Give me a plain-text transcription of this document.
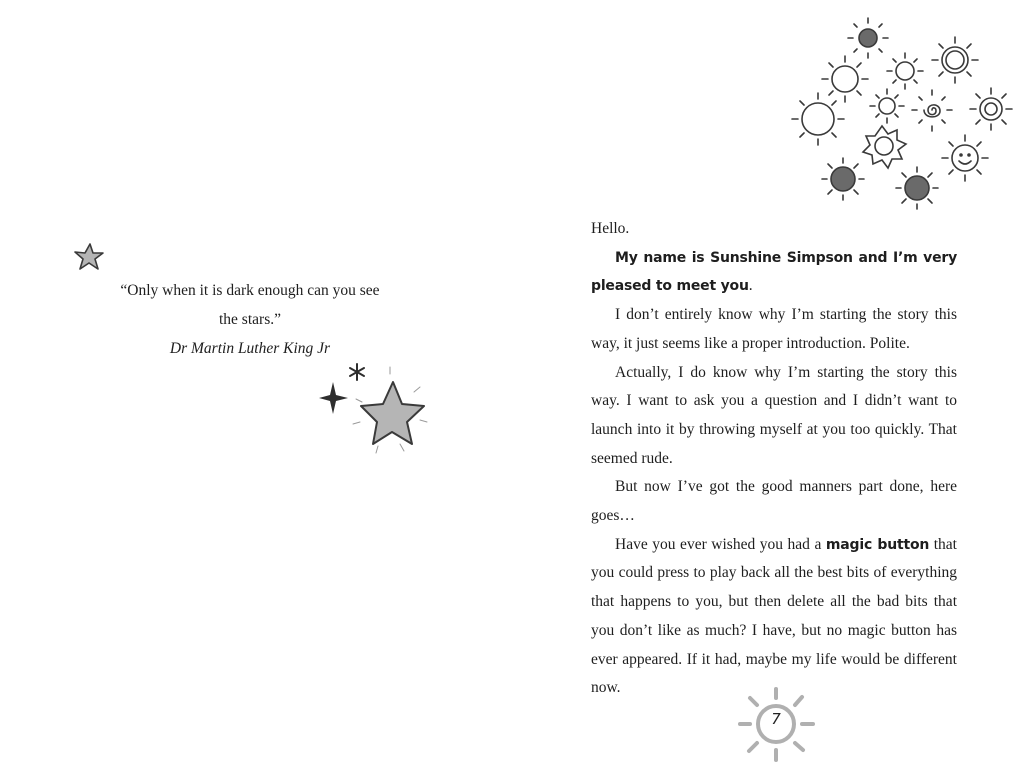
“Only when it is dark enough can you see
the stars.”
Dr Martin Luther King Jr

Hello.

My name is Sunshine Simpson and I’m very pleased to meet you.

I don’t entirely know why I’m starting the story this way, it just seems like a proper introduction. Polite.

Actually, I do know why I’m starting the story this way. I want to ask you a question and I didn’t want to launch into it by throwing myself at you too quickly. That seemed rude.

But now I’ve got the good manners part done, here goes…

Have you ever wished you had a magic button that you could press to play back all the best bits of everything that happens to you, but then delete all the bad bits that you don’t like as much? I have, but no magic button has ever appeared. If it had, maybe my life would be different now.

7
